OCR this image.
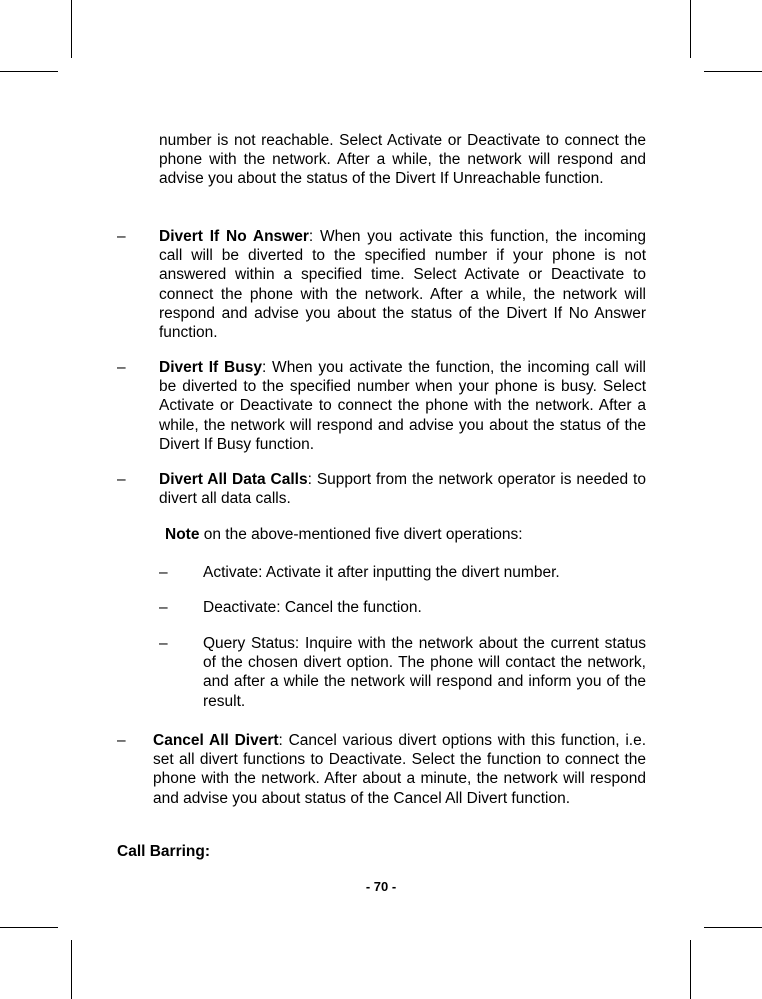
number is not reachable. Select Activate or Deactivate to connect the phone with the network. After a while, the network will respond and advise you about the status of the Divert If Unreachable function.
– Divert If No Answer: When you activate this function, the incoming call will be diverted to the specified number if your phone is not answered within a specified time. Select Activate or Deactivate to connect the phone with the network. After a while, the network will respond and advise you about the status of the Divert If No Answer function.
– Divert If Busy: When you activate the function, the incoming call will be diverted to the specified number when your phone is busy. Select Activate or Deactivate to connect the phone with the network. After a while, the network will respond and advise you about the status of the Divert If Busy function.
– Divert All Data Calls: Support from the network operator is needed to divert all data calls.
Note on the above-mentioned five divert operations:
– Activate: Activate it after inputting the divert number.
– Deactivate: Cancel the function.
– Query Status: Inquire with the network about the current status of the chosen divert option. The phone will contact the network, and after a while the network will respond and inform you of the result.
– Cancel All Divert: Cancel various divert options with this function, i.e. set all divert functions to Deactivate. Select the function to connect the phone with the network. After about a minute, the network will respond and advise you about status of the Cancel All Divert function.
Call Barring:
- 70 -
